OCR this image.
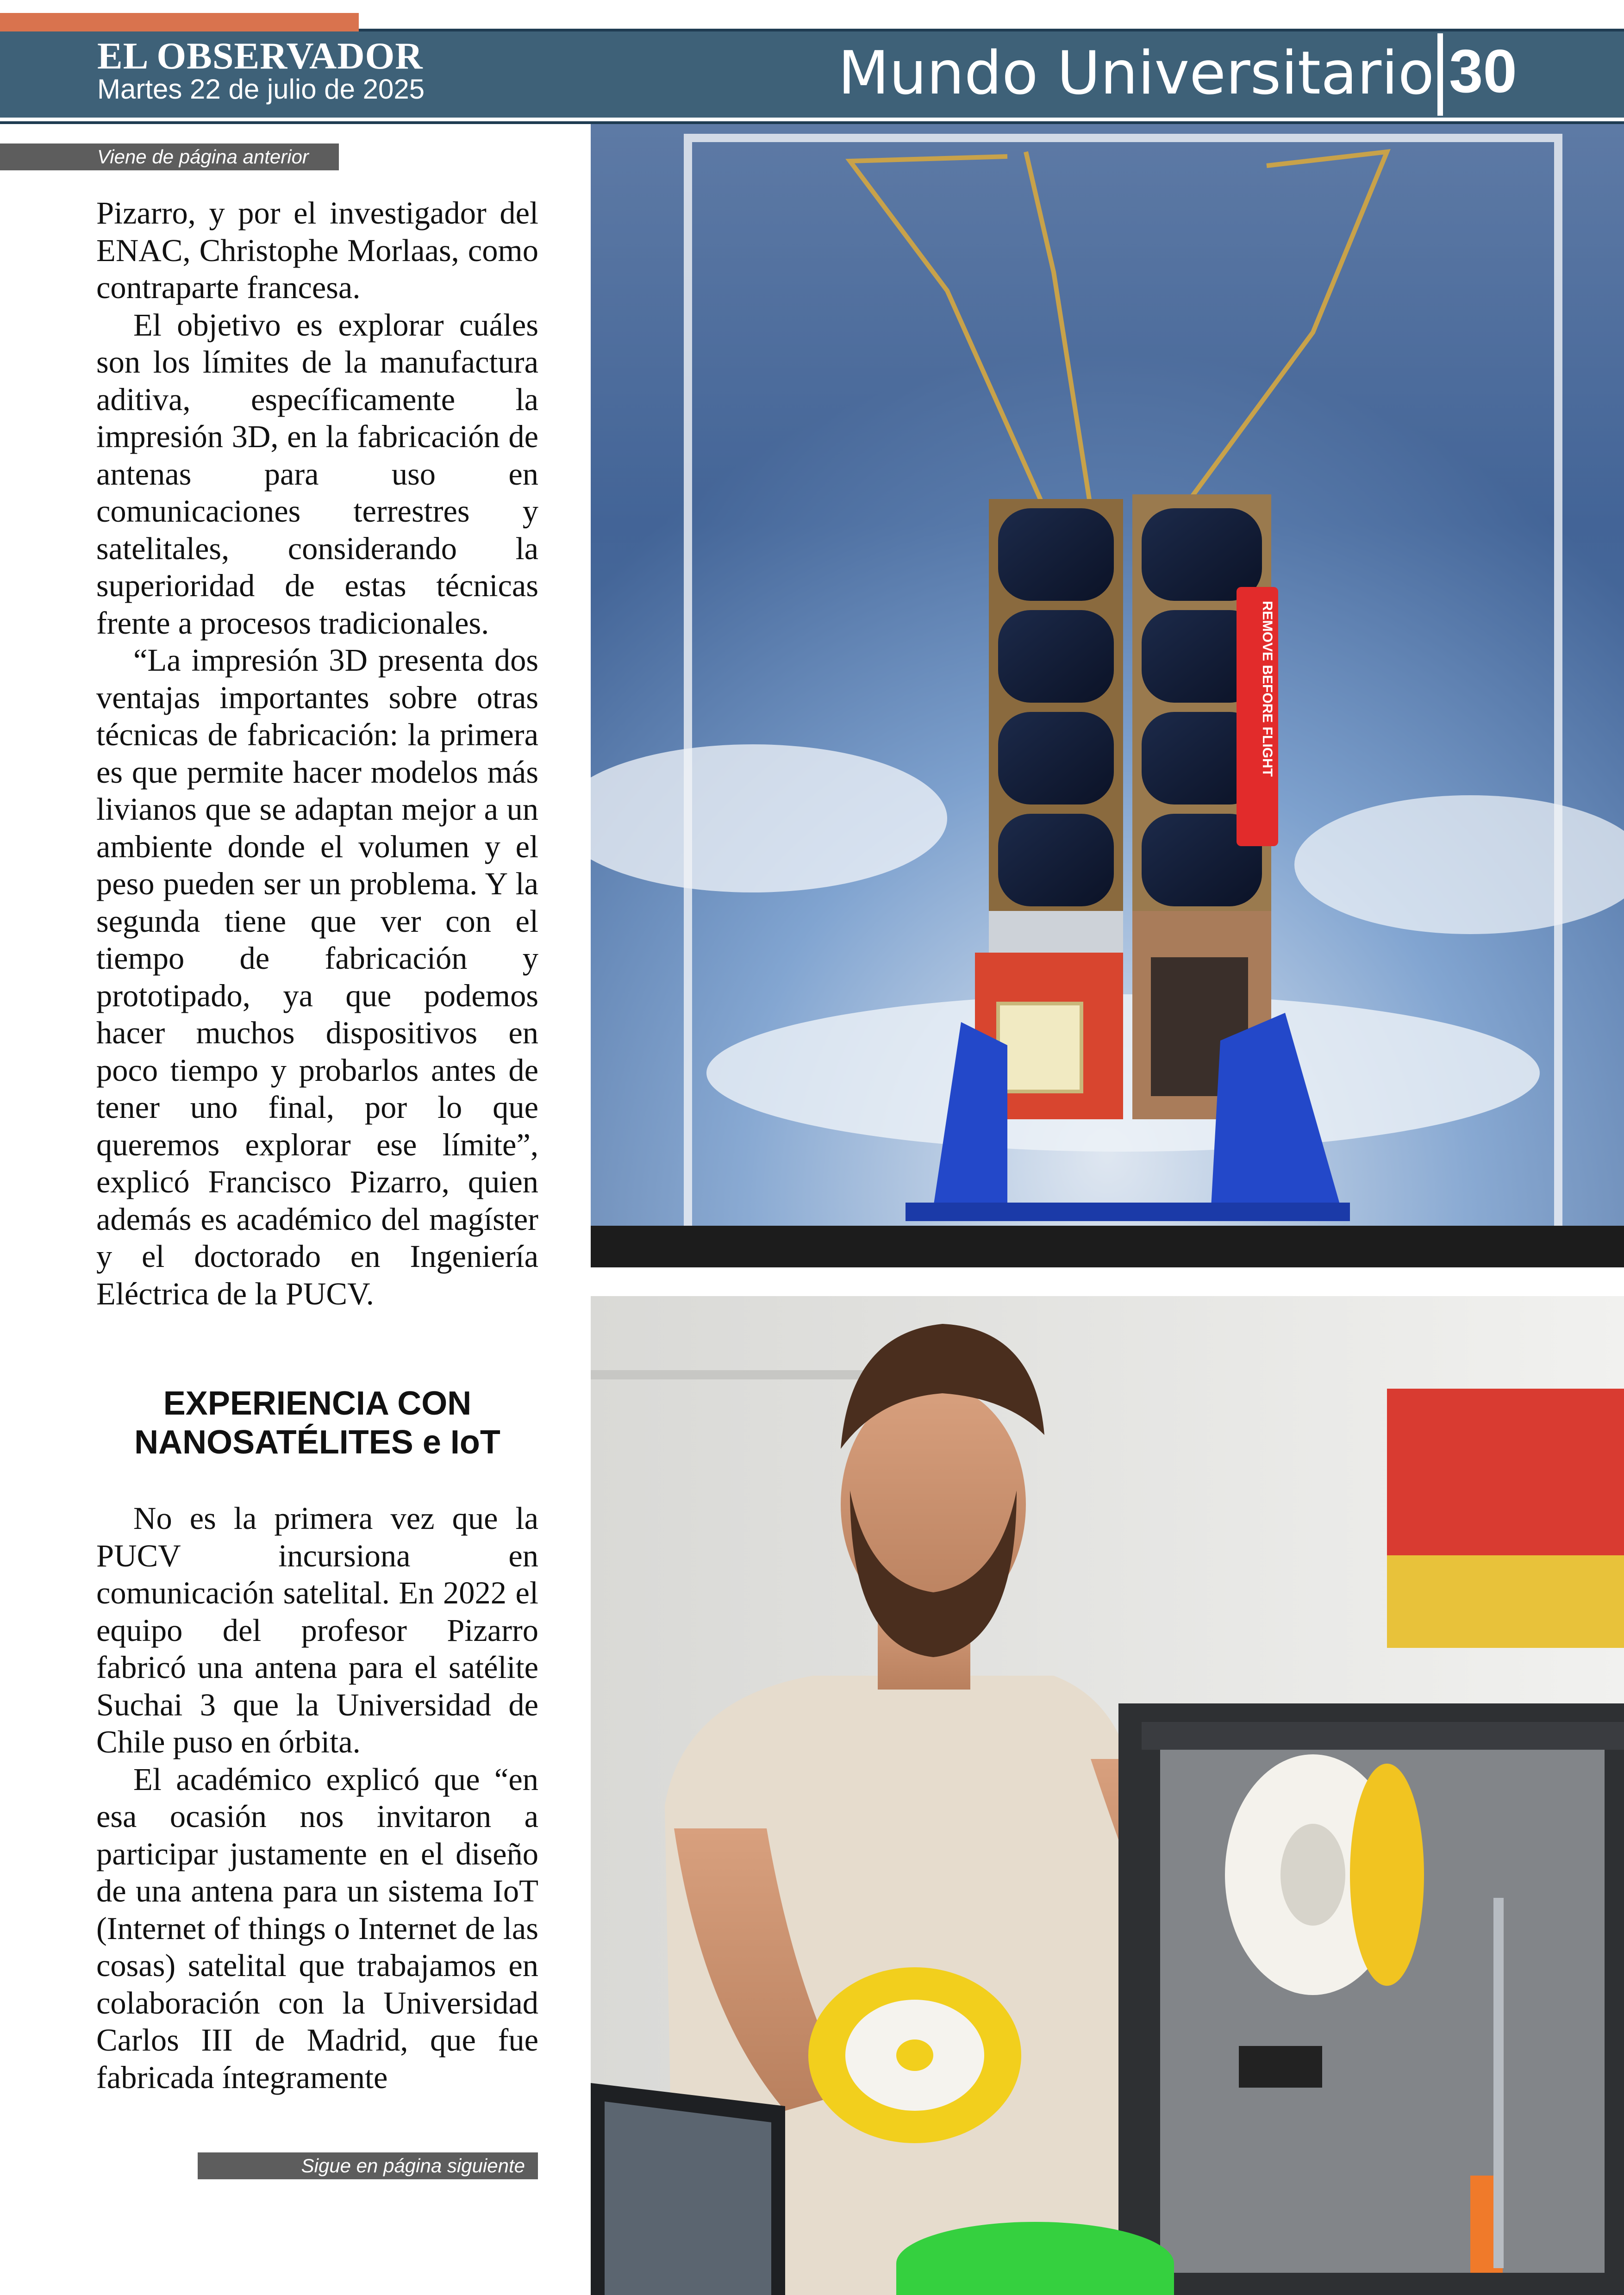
EL OBSERVADOR
Martes 22 de julio de 2025	Mundo Universitario 30
Viene de página anterior
Sigue en página siguiente

Pizarro, y por el investigador del ENAC, Christophe Morlaas, como contraparte francesa.

El objetivo es explorar cuáles son los límites de la manufactura aditiva, específicamente la impresión 3D, en la fabricación de antenas para uso en comunicaciones terrestres y satelitales, considerando la superioridad de estas técnicas frente a procesos tradicionales.

“La impresión 3D presenta dos ventajas importantes sobre otras técnicas de fabricación: la primera es que permite hacer modelos más livianos que se adaptan mejor a un ambiente donde el volumen y el peso pueden ser un problema. Y la segunda tiene que ver con el tiempo de fabricación y prototipado, ya que podemos hacer muchos dispositivos en poco tiempo y probarlos antes de tener uno final, por lo que queremos explorar ese límite”, explicó Francisco Pizarro, quien además es académico del magíster y el doctorado en Ingeniería Eléctrica de la PUCV.

EXPERIENCIA CON
NANOSATÉLITES e IoT

No es la primera vez que la PUCV incursiona en comunicación satelital. En 2022 el equipo del profesor Pizarro fabricó una antena para el satélite Suchai 3 que la Universidad de Chile puso en órbita.

El académico explicó que “en esa ocasión nos invitaron a participar justamente en el diseño de una antena para un sistema IoT (Internet of things o Internet de las cosas) satelital que trabajamos en colaboración con la Universidad Carlos III de Madrid, que fue fabricada íntegramente

REMOVE BEFORE FLIGHT
